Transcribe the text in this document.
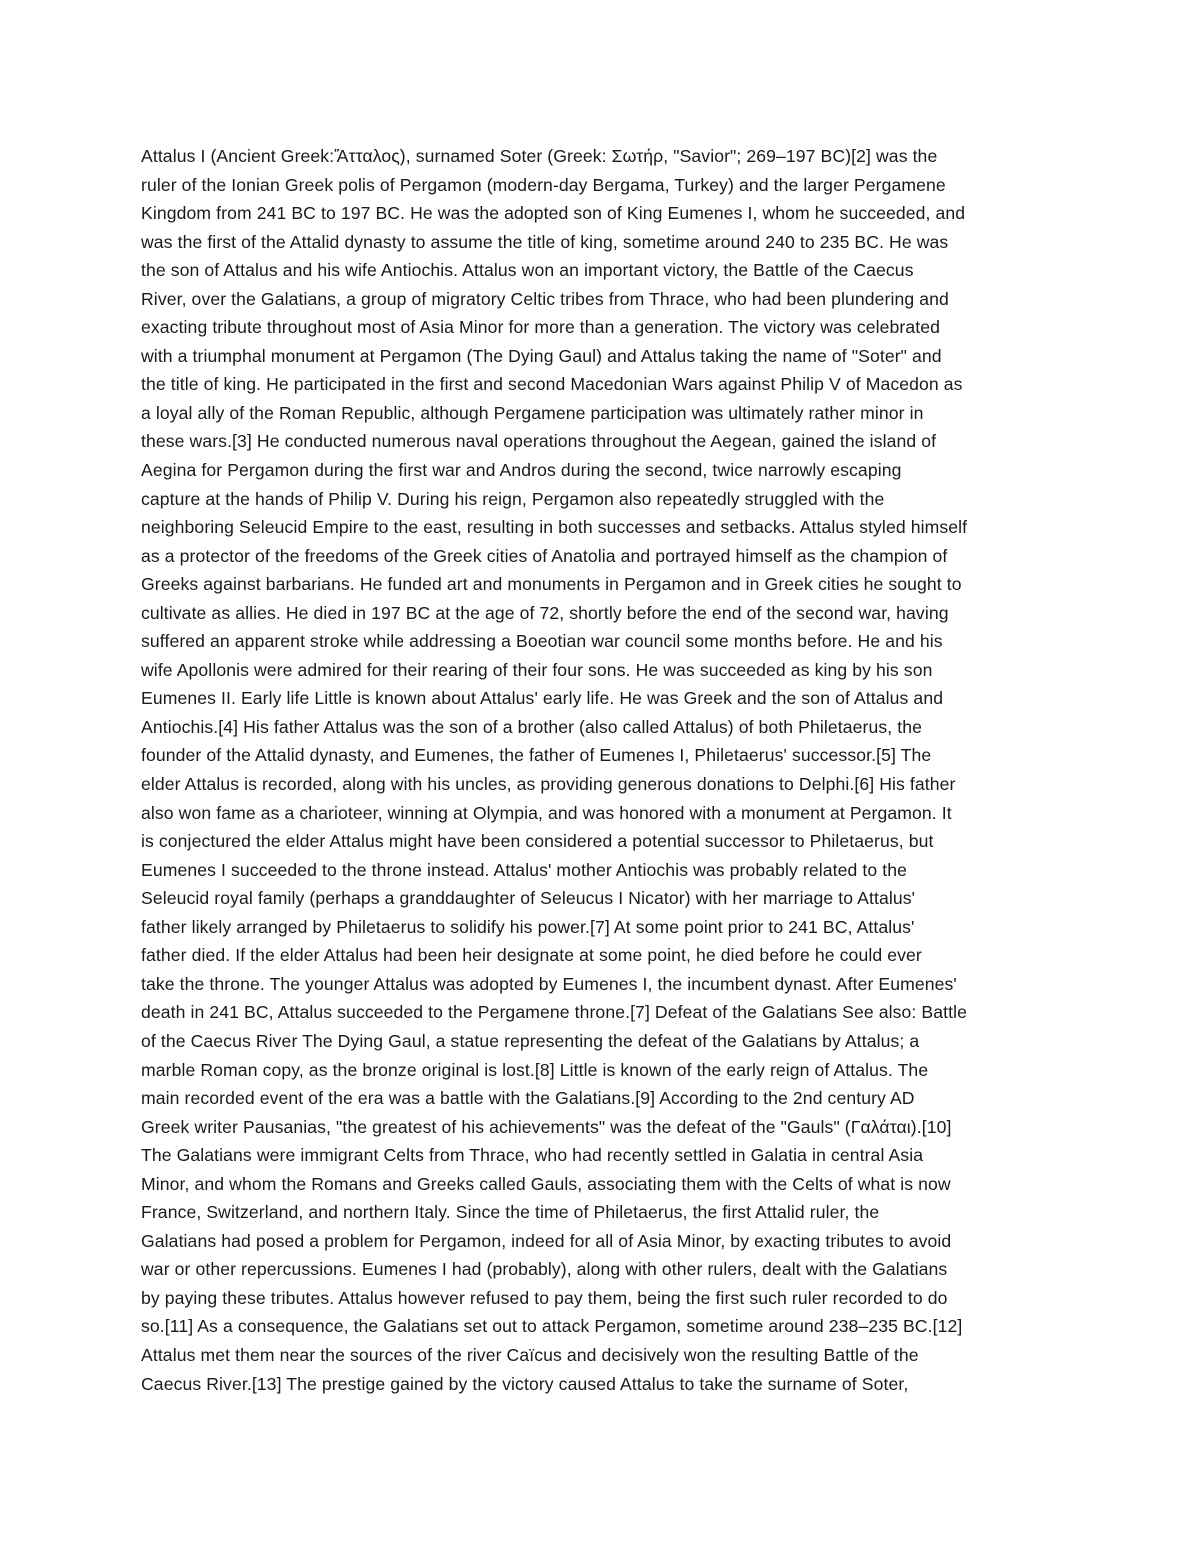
Attalus I (Ancient Greek:Ἄτταλος), surnamed Soter (Greek: Σωτήρ, "Savior"; 269–197 BC)[2] was the
ruler of the Ionian Greek polis of Pergamon (modern-day Bergama, Turkey) and the larger Pergamene
Kingdom from 241 BC to 197 BC. He was the adopted son of King Eumenes I, whom he succeeded, and
was the first of the Attalid dynasty to assume the title of king, sometime around 240 to 235 BC. He was
the son of Attalus and his wife Antiochis. Attalus won an important victory, the Battle of the Caecus
River, over the Galatians, a group of migratory Celtic tribes from Thrace, who had been plundering and
exacting tribute throughout most of Asia Minor for more than a generation. The victory was celebrated
with a triumphal monument at Pergamon (The Dying Gaul) and Attalus taking the name of "Soter" and
the title of king. He participated in the first and second Macedonian Wars against Philip V of Macedon as
a loyal ally of the Roman Republic, although Pergamene participation was ultimately rather minor in
these wars.[3] He conducted numerous naval operations throughout the Aegean, gained the island of
Aegina for Pergamon during the first war and Andros during the second, twice narrowly escaping
capture at the hands of Philip V. During his reign, Pergamon also repeatedly struggled with the
neighboring Seleucid Empire to the east, resulting in both successes and setbacks. Attalus styled himself
as a protector of the freedoms of the Greek cities of Anatolia and portrayed himself as the champion of
Greeks against barbarians. He funded art and monuments in Pergamon and in Greek cities he sought to
cultivate as allies. He died in 197 BC at the age of 72, shortly before the end of the second war, having
suffered an apparent stroke while addressing a Boeotian war council some months before. He and his
wife Apollonis were admired for their rearing of their four sons. He was succeeded as king by his son
Eumenes II. Early life Little is known about Attalus' early life. He was Greek and the son of Attalus and
Antiochis.[4] His father Attalus was the son of a brother (also called Attalus) of both Philetaerus, the
founder of the Attalid dynasty, and Eumenes, the father of Eumenes I, Philetaerus' successor.[5] The
elder Attalus is recorded, along with his uncles, as providing generous donations to Delphi.[6] His father
also won fame as a charioteer, winning at Olympia, and was honored with a monument at Pergamon. It
is conjectured the elder Attalus might have been considered a potential successor to Philetaerus, but
Eumenes I succeeded to the throne instead. Attalus' mother Antiochis was probably related to the
Seleucid royal family (perhaps a granddaughter of Seleucus I Nicator) with her marriage to Attalus'
father likely arranged by Philetaerus to solidify his power.[7] At some point prior to 241 BC, Attalus'
father died. If the elder Attalus had been heir designate at some point, he died before he could ever
take the throne. The younger Attalus was adopted by Eumenes I, the incumbent dynast. After Eumenes'
death in 241 BC, Attalus succeeded to the Pergamene throne.[7] Defeat of the Galatians See also: Battle
of the Caecus River The Dying Gaul, a statue representing the defeat of the Galatians by Attalus; a
marble Roman copy, as the bronze original is lost.[8] Little is known of the early reign of Attalus. The
main recorded event of the era was a battle with the Galatians.[9] According to the 2nd century AD
Greek writer Pausanias, "the greatest of his achievements" was the defeat of the "Gauls" (Γαλάται).[10]
The Galatians were immigrant Celts from Thrace, who had recently settled in Galatia in central Asia
Minor, and whom the Romans and Greeks called Gauls, associating them with the Celts of what is now
France, Switzerland, and northern Italy. Since the time of Philetaerus, the first Attalid ruler, the
Galatians had posed a problem for Pergamon, indeed for all of Asia Minor, by exacting tributes to avoid
war or other repercussions. Eumenes I had (probably), along with other rulers, dealt with the Galatians
by paying these tributes. Attalus however refused to pay them, being the first such ruler recorded to do
so.[11] As a consequence, the Galatians set out to attack Pergamon, sometime around 238–235 BC.[12]
Attalus met them near the sources of the river Caïcus and decisively won the resulting Battle of the
Caecus River.[13] The prestige gained by the victory caused Attalus to take the surname of Soter,
